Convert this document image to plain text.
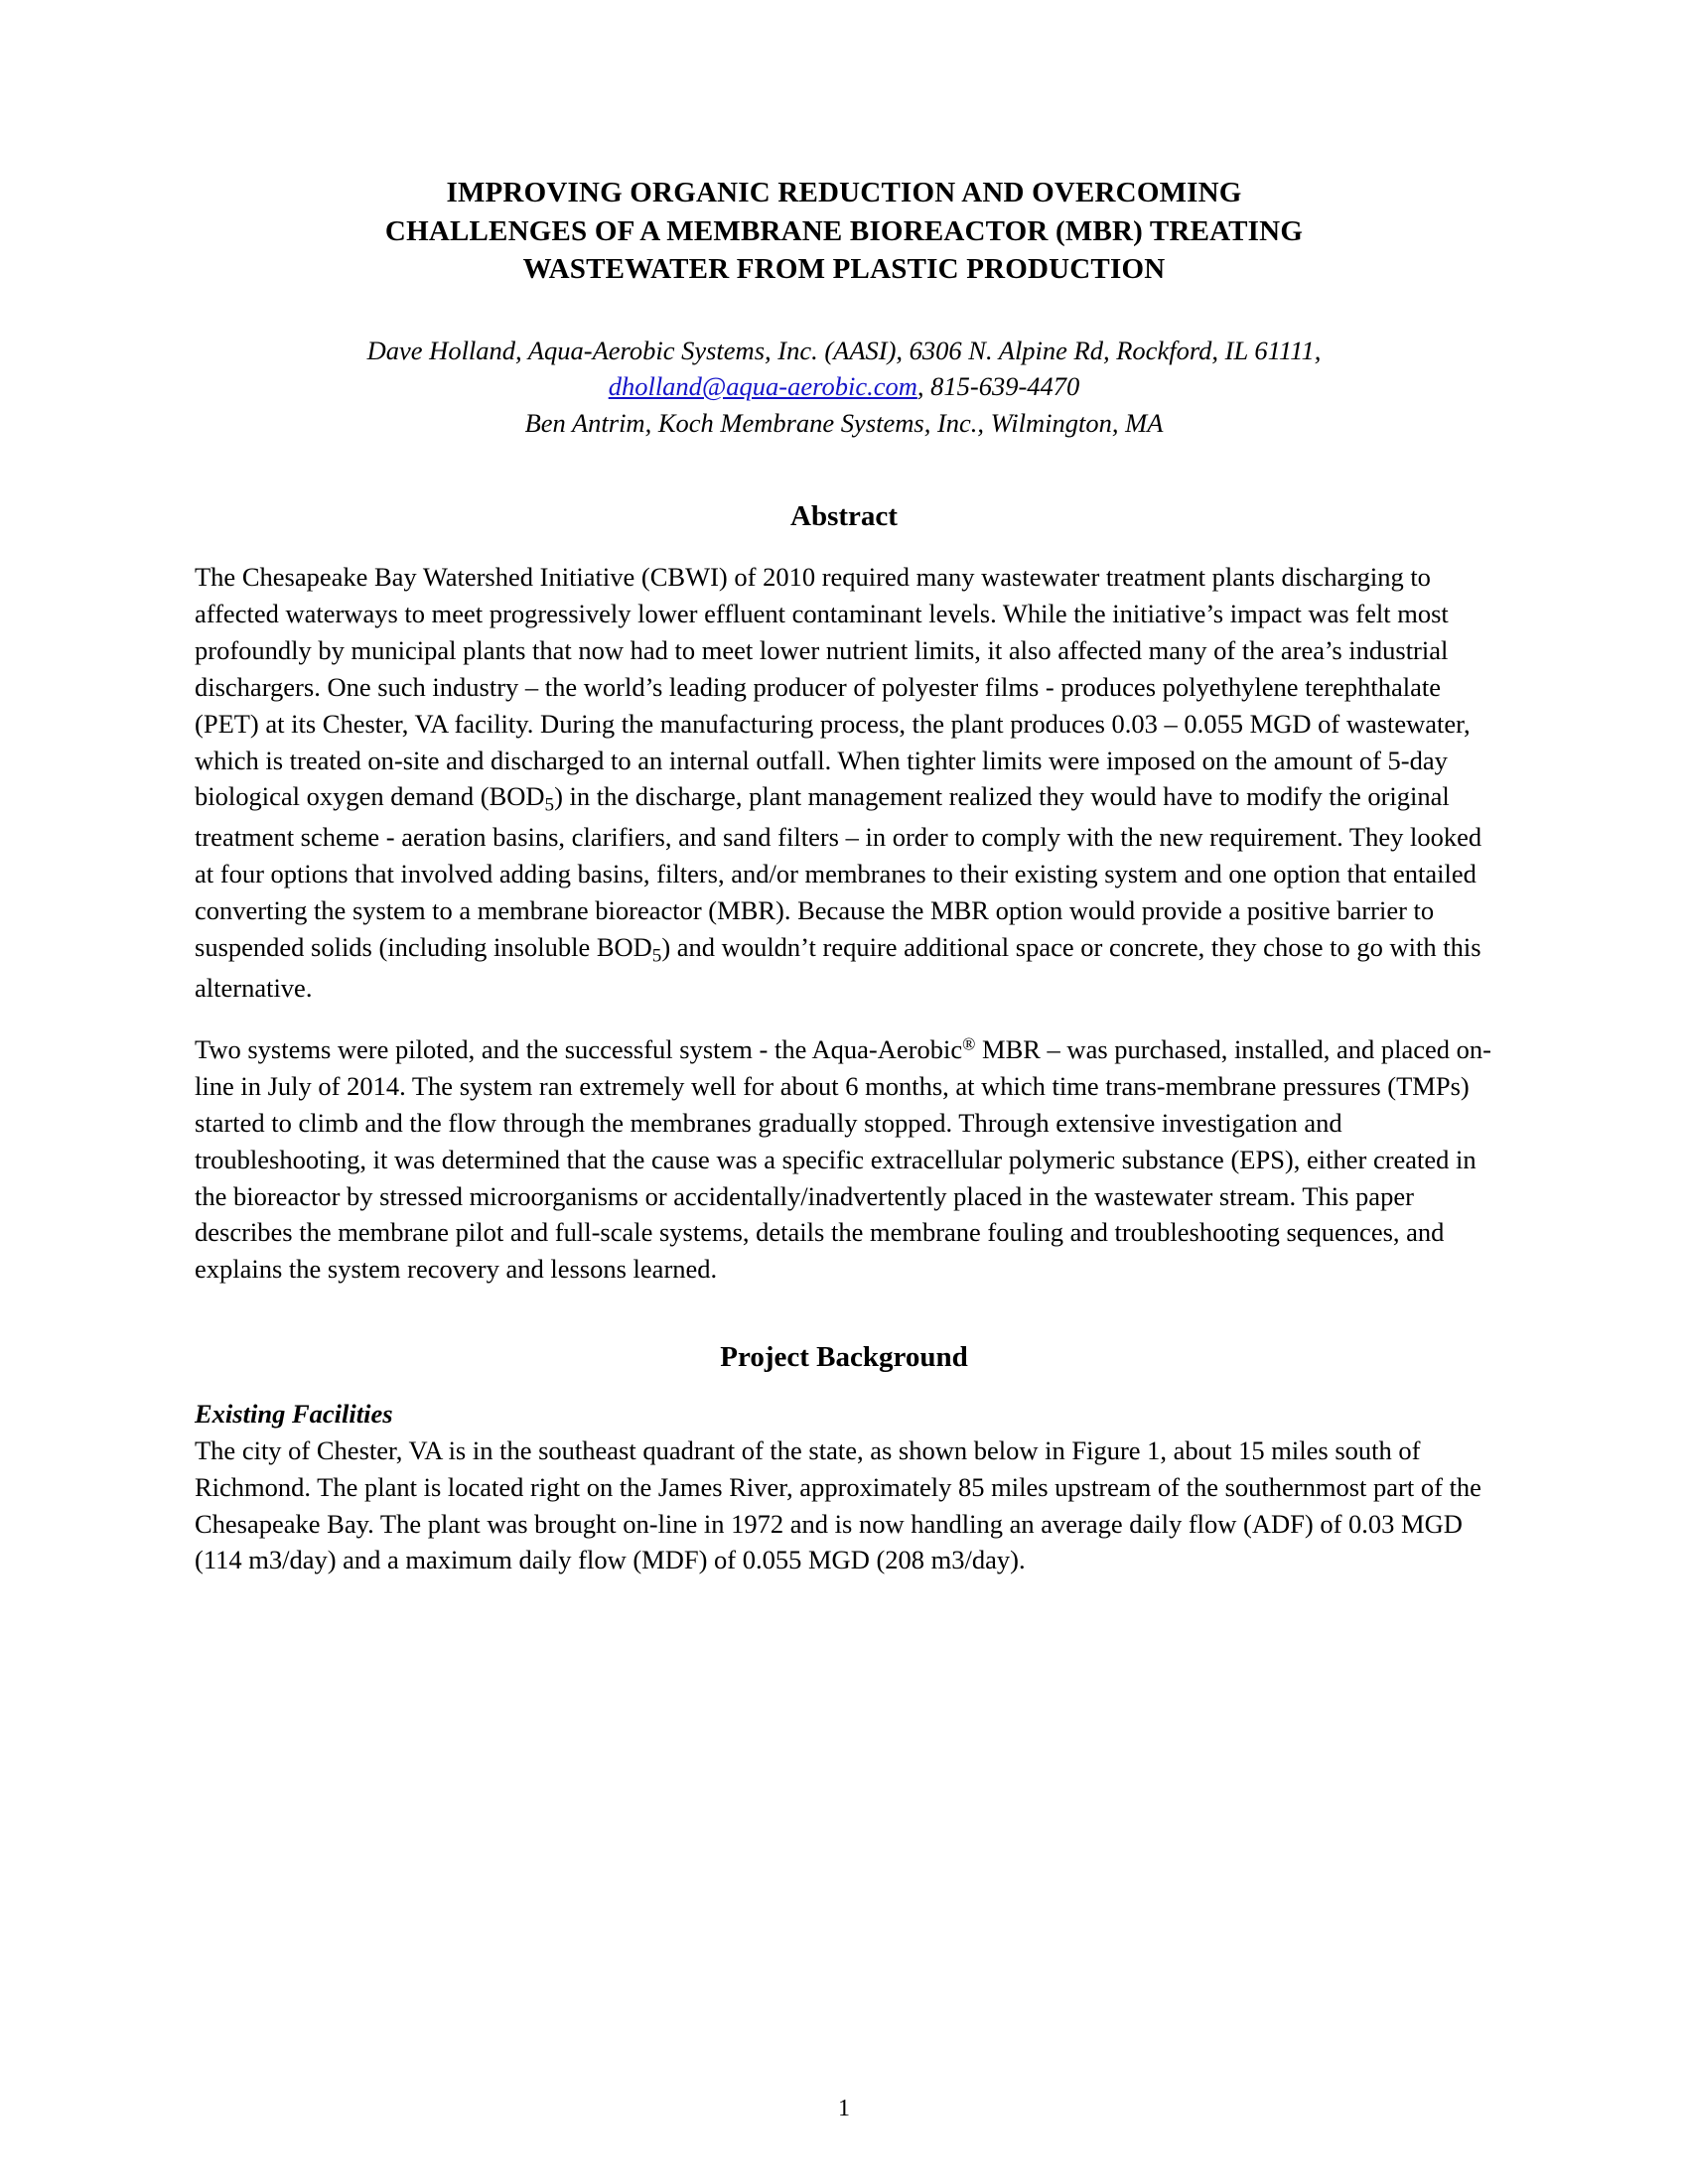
IMPROVING ORGANIC REDUCTION AND OVERCOMING
CHALLENGES OF A MEMBRANE BIOREACTOR (MBR) TREATING
WASTEWATER FROM PLASTIC PRODUCTION
Dave Holland, Aqua-Aerobic Systems, Inc. (AASI), 6306 N. Alpine Rd, Rockford, IL 61111,
dholland@aqua-aerobic.com, 815-639-4470
Ben Antrim, Koch Membrane Systems, Inc., Wilmington, MA
Abstract

The Chesapeake Bay Watershed Initiative (CBWI) of 2010 required many wastewater treatment plants discharging to affected waterways to meet progressively lower effluent contaminant levels. While the initiative’s impact was felt most profoundly by municipal plants that now had to meet lower nutrient limits, it also affected many of the area’s industrial dischargers. One such industry – the world’s leading producer of polyester films - produces polyethylene terephthalate (PET) at its Chester, VA facility. During the manufacturing process, the plant produces 0.03 – 0.055 MGD of wastewater, which is treated on-site and discharged to an internal outfall. When tighter limits were imposed on the amount of 5-day biological oxygen demand $(BOD_5)$ in the discharge, plant management realized they would have to modify the original treatment scheme - aeration basins, clarifiers, and sand filters – in order to comply with the new requirement. They looked at four options that involved adding basins, filters, and/or membranes to their existing system and one option that entailed converting the system to a membrane bioreactor (MBR). Because the MBR option would provide a positive barrier to suspended solids (including insoluble $BOD_5$) and wouldn’t require additional space or concrete, they chose to go with this alternative.

Two systems were piloted, and the successful system - the Aqua-Aerobic® MBR – was purchased, installed, and placed on-line in July of 2014. The system ran extremely well for about 6 months, at which time trans-membrane pressures (TMPs) started to climb and the flow through the membranes gradually stopped. Through extensive investigation and troubleshooting, it was determined that the cause was a specific extracellular polymeric substance (EPS), either created in the bioreactor by stressed microorganisms or accidentally/inadvertently placed in the wastewater stream. This paper describes the membrane pilot and full-scale systems, details the membrane fouling and troubleshooting sequences, and explains the system recovery and lessons learned.

Project Background

Existing Facilities

The city of Chester, VA is in the southeast quadrant of the state, as shown below in Figure 1, about 15 miles south of Richmond. The plant is located right on the James River, approximately 85 miles upstream of the southernmost part of the Chesapeake Bay. The plant was brought on-line in 1972 and is now handling an average daily flow (ADF) of 0.03 MGD (114 m3/day) and a maximum daily flow (MDF) of 0.055 MGD (208 m3/day).

1
